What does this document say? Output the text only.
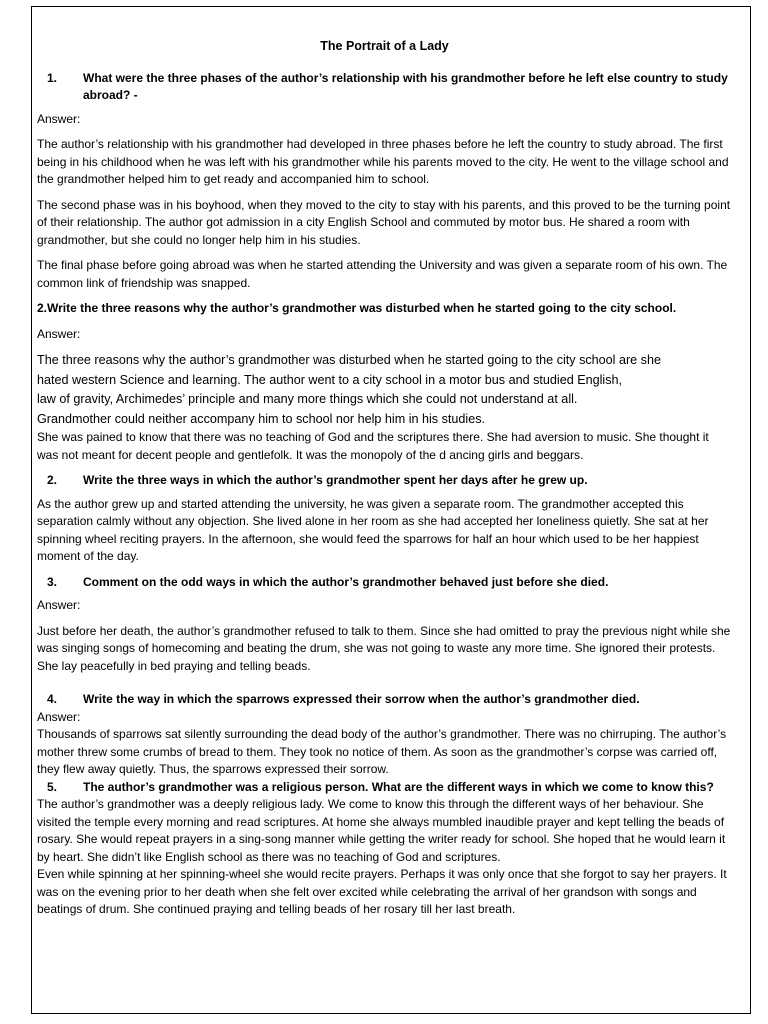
The Portrait of a Lady
1.	What were the three phases of the author’s relationship with his grandmother before he left else country to study abroad? -
Answer:
The author’s relationship with his grandmother had developed in three phases before he left the country to study abroad. The first being in his childhood when he was left with his grandmother while his parents moved to the city. He went to the village school and the grandmother helped him to get ready and accompanied him to school.
The second phase was in his boyhood, when they moved to the city to stay with his parents, and this proved to be the turning point of their relationship. The author got admission in a city English School and commuted by motor bus. He shared a room with grandmother, but she could no longer help him in his studies.
The final phase before going abroad was when he started attending the University and was given a separate room of his own. The common link of friendship was snapped.
2.Write the three reasons why the author’s grandmother was disturbed when he started going to the city school.
Answer:
The three reasons why the author’s grandmother was disturbed when he started going to the city school are she
hated western Science and learning. The author went to a city school in a motor bus and studied English,
law of gravity, Archimedes’ principle and many more things which she could not understand at all.
Grandmother could neither accompany him to school nor help him in his studies.
She was pained to know that there was no teaching of God and the scriptures there. She had aversion to music. She thought it was not meant for decent people and gentlefolk. It was the monopoly of the d ancing girls and beggars.
2.	Write the three ways in which the author’s grandmother spent her days after he grew up.
As the author grew up and started attending the university, he was given a separate room. The grandmother accepted this separation calmly without any objection. She lived alone in her room as she had accepted her loneliness quietly. She sat at her spinning wheel reciting prayers. In the afternoon, she would feed the sparrows for half an hour which used to be her happiest moment of the day.
3.	Comment on the odd ways in which the author’s grandmother behaved just before she died.
Answer:
Just before her death, the author’s grandmother refused to talk to them. Since she had omitted to pray the previous night while she was singing songs of homecoming and beating the drum, she was not going to waste any more time. She ignored their protests. She lay peacefully in bed praying and telling beads.
4.	Write the way in which the sparrows expressed their sorrow when the author’s grandmother died.
Answer:
Thousands of sparrows sat silently surrounding the dead body of the author’s grandmother. There was no chirruping. The author’s mother threw some crumbs of bread to them. They took no notice of them. As soon as the grandmother’s corpse was carried off, they flew away quietly. Thus, the sparrows expressed their sorrow.
5.	The author’s grandmother was a religious person. What are the different ways in which we come to know this?
The author’s grandmother was a deeply religious lady. We come to know this through the different ways of her behaviour. She visited the temple every morning and read scriptures. At home she always mumbled inaudible prayer and kept telling the beads of rosary. She would repeat prayers in a sing-song manner while getting the writer ready for school. She hoped that he would learn it by heart. She didn’t like English school as there was no teaching of God and scriptures.
Even while spinning at her spinning-wheel she would recite prayers. Perhaps it was only once that she forgot to say her prayers. It was on the evening prior to her death when she felt over excited while celebrating the arrival of her grandson with songs and beatings of drum. She continued praying and telling beads of her rosary till her last breath.
